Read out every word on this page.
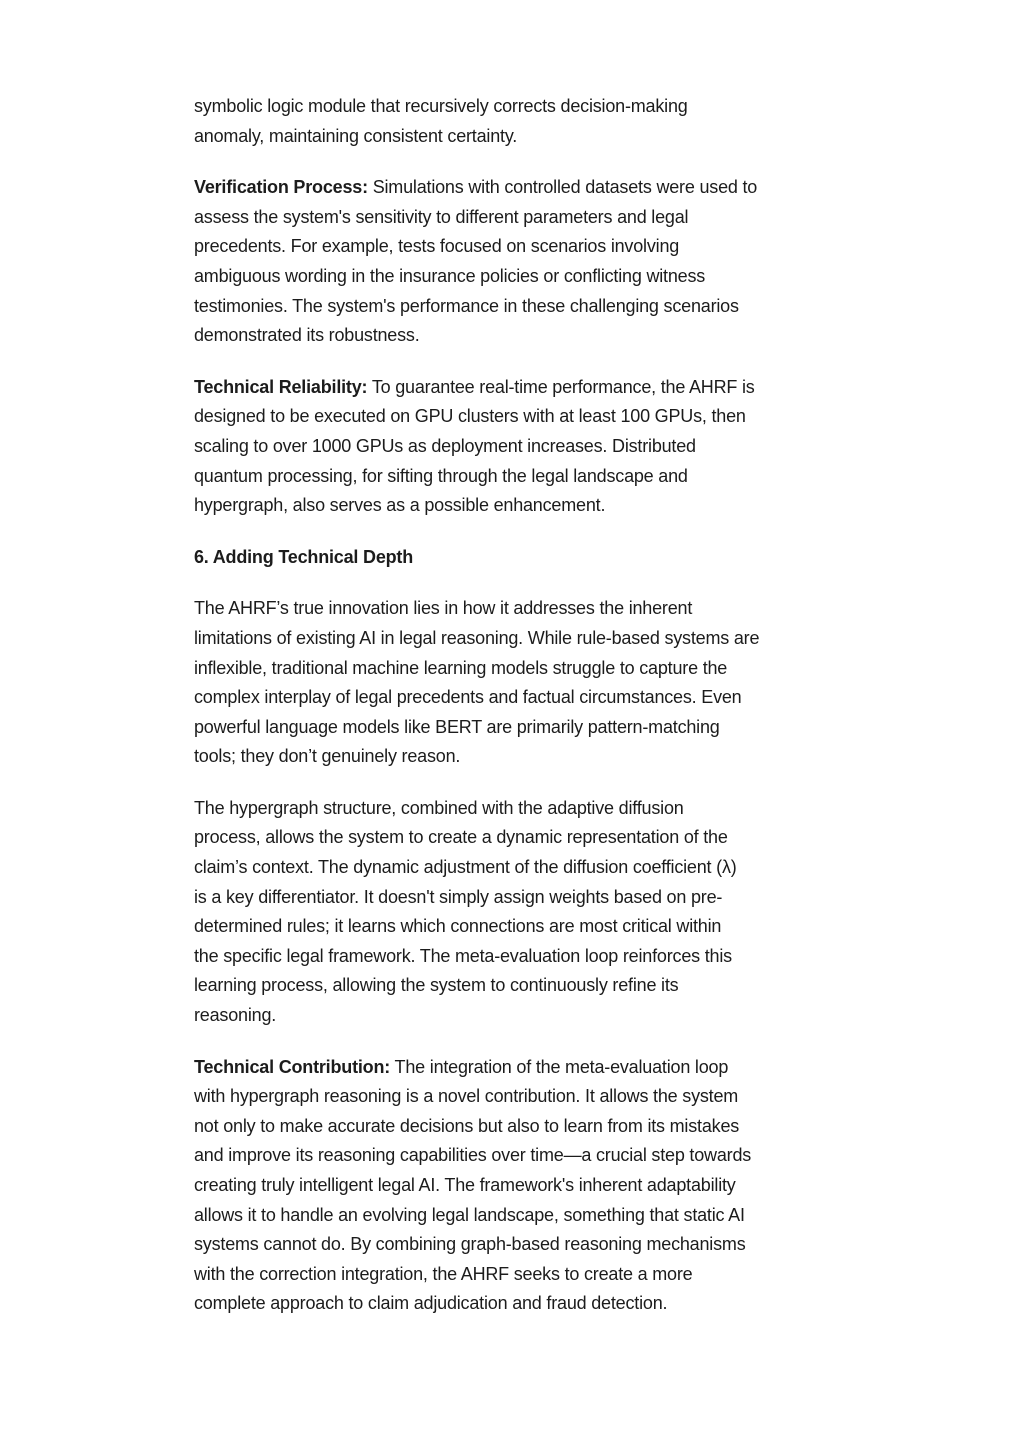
symbolic logic module that recursively corrects decision-making
anomaly, maintaining consistent certainty.

Verification Process: Simulations with controlled datasets were used to
assess the system's sensitivity to different parameters and legal
precedents. For example, tests focused on scenarios involving
ambiguous wording in the insurance policies or conflicting witness
testimonies. The system's performance in these challenging scenarios
demonstrated its robustness.

Technical Reliability: To guarantee real-time performance, the AHRF is
designed to be executed on GPU clusters with at least 100 GPUs, then
scaling to over 1000 GPUs as deployment increases. Distributed
quantum processing, for sifting through the legal landscape and
hypergraph, also serves as a possible enhancement.

6. Adding Technical Depth

The AHRF’s true innovation lies in how it addresses the inherent
limitations of existing AI in legal reasoning. While rule-based systems are
inflexible, traditional machine learning models struggle to capture the
complex interplay of legal precedents and factual circumstances. Even
powerful language models like BERT are primarily pattern-matching
tools; they don’t genuinely reason.

The hypergraph structure, combined with the adaptive diffusion
process, allows the system to create a dynamic representation of the
claim’s context. The dynamic adjustment of the diffusion coefficient (λ)
is a key differentiator. It doesn't simply assign weights based on pre-
determined rules; it learns which connections are most critical within
the specific legal framework. The meta-evaluation loop reinforces this
learning process, allowing the system to continuously refine its
reasoning.

Technical Contribution: The integration of the meta-evaluation loop
with hypergraph reasoning is a novel contribution. It allows the system
not only to make accurate decisions but also to learn from its mistakes
and improve its reasoning capabilities over time—a crucial step towards
creating truly intelligent legal AI. The framework's inherent adaptability
allows it to handle an evolving legal landscape, something that static AI
systems cannot do. By combining graph-based reasoning mechanisms
with the correction integration, the AHRF seeks to create a more
complete approach to claim adjudication and fraud detection.
